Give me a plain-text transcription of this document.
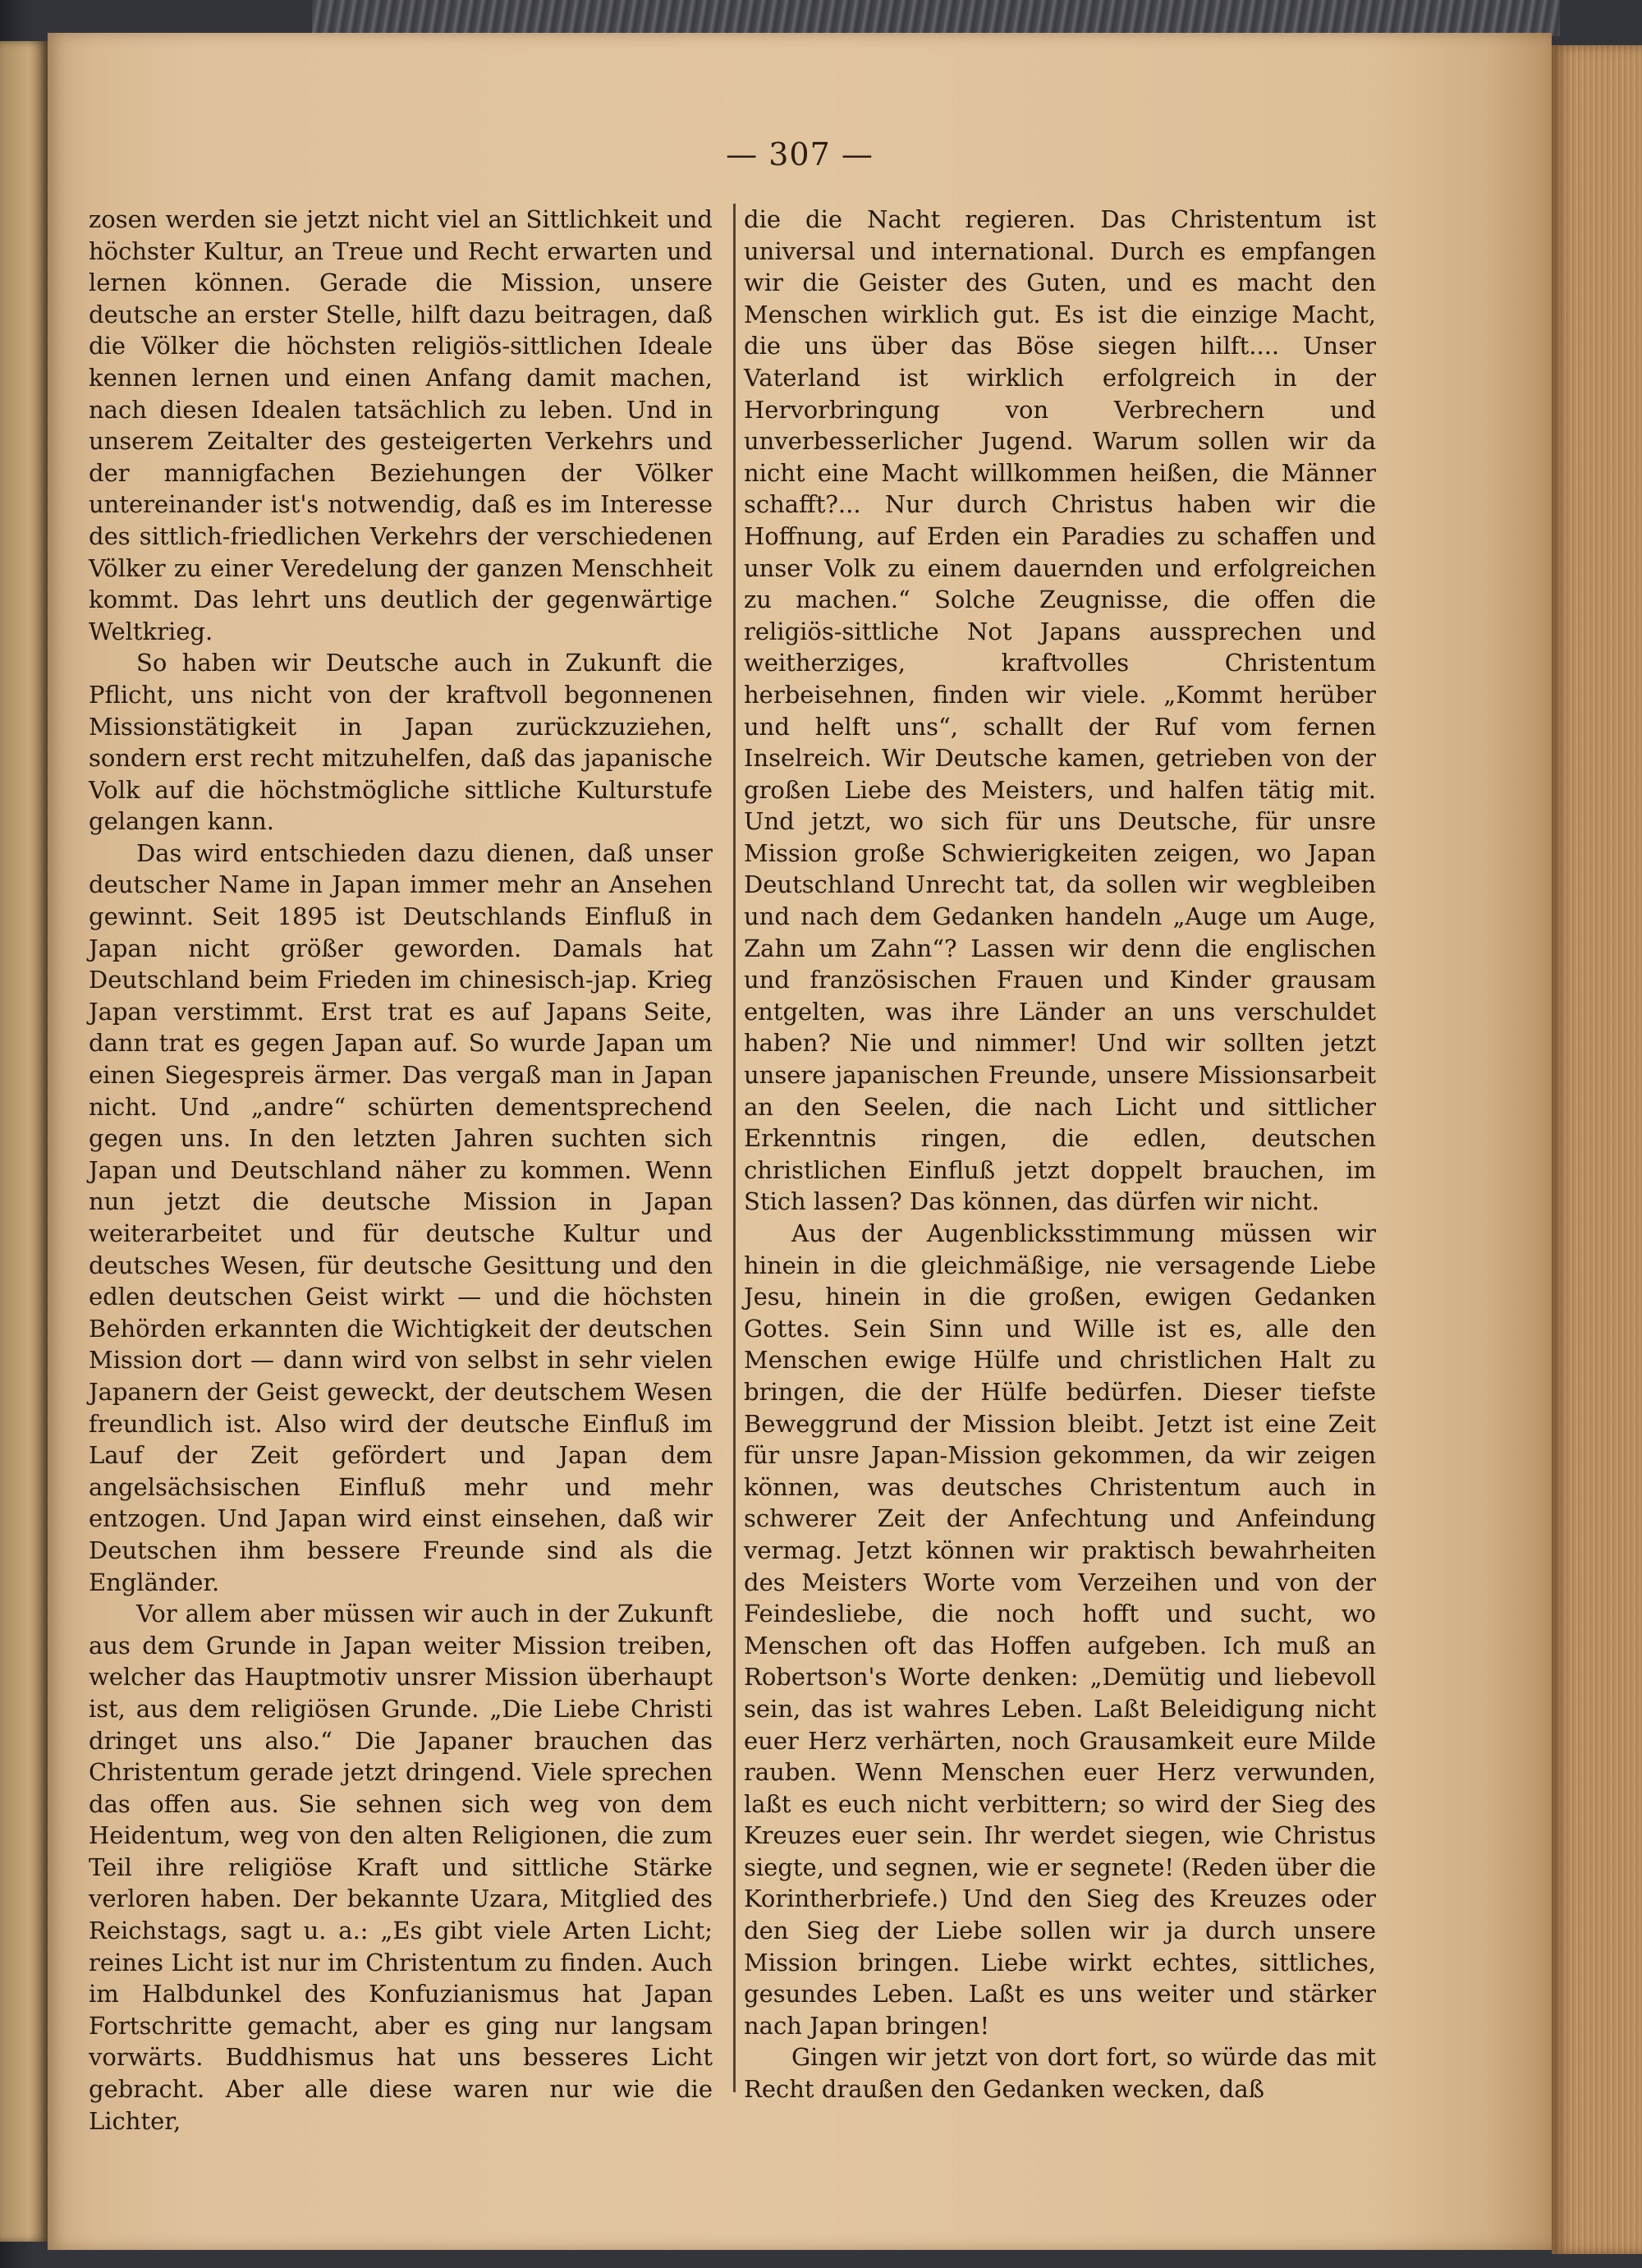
— 307 —

zosen werden sie jetzt nicht viel an Sittlichkeit und höchster Kultur, an Treue und Recht erwarten und lernen können. Gerade die Mission, unsere deutsche an erster Stelle, hilft dazu beitragen, daß die Völker die höchsten religiös-sittlichen Ideale kennen lernen und einen Anfang damit machen, nach diesen Idealen tatsächlich zu leben. Und in unserem Zeitalter des gesteigerten Verkehrs und der mannigfachen Beziehungen der Völker untereinander ist's notwendig, daß es im Interesse des sittlich-friedlichen Verkehrs der verschiedenen Völker zu einer Veredelung der ganzen Menschheit kommt. Das lehrt uns deutlich der gegenwärtige Weltkrieg.

So haben wir Deutsche auch in Zukunft die Pflicht, uns nicht von der kraftvoll begonnenen Missionstätigkeit in Japan zurückzuziehen, sondern erst recht mitzuhelfen, daß das japanische Volk auf die höchstmögliche sittliche Kulturstufe gelangen kann.

Das wird entschieden dazu dienen, daß unser deutscher Name in Japan immer mehr an Ansehen gewinnt. Seit 1895 ist Deutschlands Einfluß in Japan nicht größer geworden. Damals hat Deutschland beim Frieden im chinesisch-jap. Krieg Japan verstimmt. Erst trat es auf Japans Seite, dann trat es gegen Japan auf. So wurde Japan um einen Siegespreis ärmer. Das vergaß man in Japan nicht. Und „andre“ schürten dementsprechend gegen uns. In den letzten Jahren suchten sich Japan und Deutschland näher zu kommen. Wenn nun jetzt die deutsche Mission in Japan weiterarbeitet und für deutsche Kultur und deutsches Wesen, für deutsche Gesittung und den edlen deutschen Geist wirkt — und die höchsten Behörden erkannten die Wichtigkeit der deutschen Mission dort — dann wird von selbst in sehr vielen Japanern der Geist geweckt, der deutschem Wesen freundlich ist. Also wird der deutsche Einfluß im Lauf der Zeit gefördert und Japan dem angelsächsischen Einfluß mehr und mehr entzogen. Und Japan wird einst einsehen, daß wir Deutschen ihm bessere Freunde sind als die Engländer.

Vor allem aber müssen wir auch in der Zukunft aus dem Grunde in Japan weiter Mission treiben, welcher das Hauptmotiv unsrer Mission überhaupt ist, aus dem religiösen Grunde. „Die Liebe Christi dringet uns also.“ Die Japaner brauchen das Christentum gerade jetzt dringend. Viele sprechen das offen aus. Sie sehnen sich weg von dem Heidentum, weg von den alten Religionen, die zum Teil ihre religiöse Kraft und sittliche Stärke verloren haben. Der bekannte Uzara, Mitglied des Reichstags, sagt u. a.: „Es gibt viele Arten Licht; reines Licht ist nur im Christentum zu finden. Auch im Halbdunkel des Konfuzianismus hat Japan Fortschritte gemacht, aber es ging nur langsam vorwärts. Buddhismus hat uns besseres Licht gebracht. Aber alle diese waren nur wie die Lichter,

die die Nacht regieren. Das Christentum ist universal und international. Durch es empfangen wir die Geister des Guten, und es macht den Menschen wirklich gut. Es ist die einzige Macht, die uns über das Böse siegen hilft.... Unser Vaterland ist wirklich erfolgreich in der Hervorbringung von Verbrechern und unverbesserlicher Jugend. Warum sollen wir da nicht eine Macht willkommen heißen, die Männer schafft?... Nur durch Christus haben wir die Hoffnung, auf Erden ein Paradies zu schaffen und unser Volk zu einem dauernden und erfolgreichen zu machen.“ Solche Zeugnisse, die offen die religiös-sittliche Not Japans aussprechen und weitherziges, kraftvolles Christentum herbeisehnen, finden wir viele. „Kommt herüber und helft uns“, schallt der Ruf vom fernen Inselreich. Wir Deutsche kamen, getrieben von der großen Liebe des Meisters, und halfen tätig mit. Und jetzt, wo sich für uns Deutsche, für unsre Mission große Schwierigkeiten zeigen, wo Japan Deutschland Unrecht tat, da sollen wir wegbleiben und nach dem Gedanken handeln „Auge um Auge, Zahn um Zahn“? Lassen wir denn die englischen und französischen Frauen und Kinder grausam entgelten, was ihre Länder an uns verschuldet haben? Nie und nimmer! Und wir sollten jetzt unsere japanischen Freunde, unsere Missionsarbeit an den Seelen, die nach Licht und sittlicher Erkenntnis ringen, die edlen, deutschen christlichen Einfluß jetzt doppelt brauchen, im Stich lassen? Das können, das dürfen wir nicht.

Aus der Augenblicksstimmung müssen wir hinein in die gleichmäßige, nie versagende Liebe Jesu, hinein in die großen, ewigen Gedanken Gottes. Sein Sinn und Wille ist es, alle den Menschen ewige Hülfe und christlichen Halt zu bringen, die der Hülfe bedürfen. Dieser tiefste Beweggrund der Mission bleibt. Jetzt ist eine Zeit für unsre Japan-Mission gekommen, da wir zeigen können, was deutsches Christentum auch in schwerer Zeit der Anfechtung und Anfeindung vermag. Jetzt können wir praktisch bewahrheiten des Meisters Worte vom Verzeihen und von der Feindesliebe, die noch hofft und sucht, wo Menschen oft das Hoffen aufgeben. Ich muß an Robertson's Worte denken: „Demütig und liebevoll sein, das ist wahres Leben. Laßt Beleidigung nicht euer Herz verhärten, noch Grausamkeit eure Milde rauben. Wenn Menschen euer Herz verwunden, laßt es euch nicht verbittern; so wird der Sieg des Kreuzes euer sein. Ihr werdet siegen, wie Christus siegte, und segnen, wie er segnete! (Reden über die Korintherbriefe.) Und den Sieg des Kreuzes oder den Sieg der Liebe sollen wir ja durch unsere Mission bringen. Liebe wirkt echtes, sittliches, gesundes Leben. Laßt es uns weiter und stärker nach Japan bringen!

Gingen wir jetzt von dort fort, so würde das mit Recht draußen den Gedanken wecken, daß
